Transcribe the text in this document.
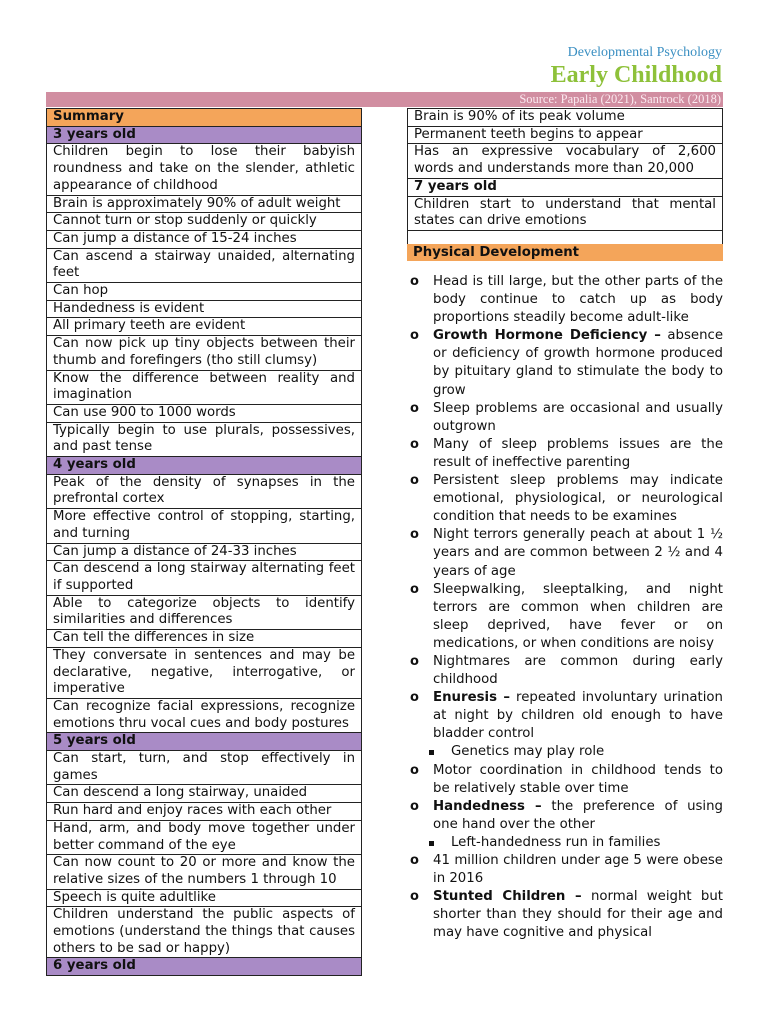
Developmental Psychology
Early Childhood
Source: Papalia (2021), Santrock (2018)
Summary
3 years old
Children begin to lose their babyish roundness and take on the slender, athletic appearance of childhood
Brain is approximately 90% of adult weight
Cannot turn or stop suddenly or quickly
Can jump a distance of 15-24 inches
Can ascend a stairway unaided, alternating feet
Can hop
Handedness is evident
All primary teeth are evident
Can now pick up tiny objects between their thumb and forefingers (tho still clumsy)
Know the difference between reality and imagination
Can use 900 to 1000 words
Typically begin to use plurals, possessives, and past tense
4 years old
Peak of the density of synapses in the prefrontal cortex
More effective control of stopping, starting, and turning
Can jump a distance of 24-33 inches
Can descend a long stairway alternating feet if supported
Able to categorize objects to identify similarities and differences
Can tell the differences in size
They conversate in sentences and may be declarative, negative, interrogative, or imperative
Can recognize facial expressions, recognize emotions thru vocal cues and body postures
5 years old
Can start, turn, and stop effectively in games
Can descend a long stairway, unaided
Run hard and enjoy races with each other
Hand, arm, and body move together under better command of the eye
Can now count to 20 or more and know the relative sizes of the numbers 1 through 10
Speech is quite adultlike
Children understand the public aspects of emotions (understand the things that causes others to be sad or happy)
6 years old
Brain is 90% of its peak volume
Permanent teeth begins to appear
Has an expressive vocabulary of 2,600 words and understands more than 20,000
7 years old
Children start to understand that mental states can drive emotions

Physical Development
o Head is till large, but the other parts of the body continue to catch up as body proportions steadily become adult-like
o Growth Hormone Deficiency – absence or deficiency of growth hormone produced by pituitary gland to stimulate the body to grow
o Sleep problems are occasional and usually outgrown
o Many of sleep problems issues are the result of ineffective parenting
o Persistent sleep problems may indicate emotional, physiological, or neurological condition that needs to be examines
o Night terrors generally peach at about 1 ½ years and are common between 2 ½ and 4 years of age
o Sleepwalking, sleeptalking, and night terrors are common when children are sleep deprived, have fever or on medications, or when conditions are noisy
o Nightmares are common during early childhood
o Enuresis – repeated involuntary urination at night by children old enough to have bladder control
Genetics may play role
o Motor coordination in childhood tends to be relatively stable over time
o Handedness – the preference of using one hand over the other
Left-handedness run in families
o 41 million children under age 5 were obese in 2016
o Stunted Children – normal weight but shorter than they should for their age and may have cognitive and physical
